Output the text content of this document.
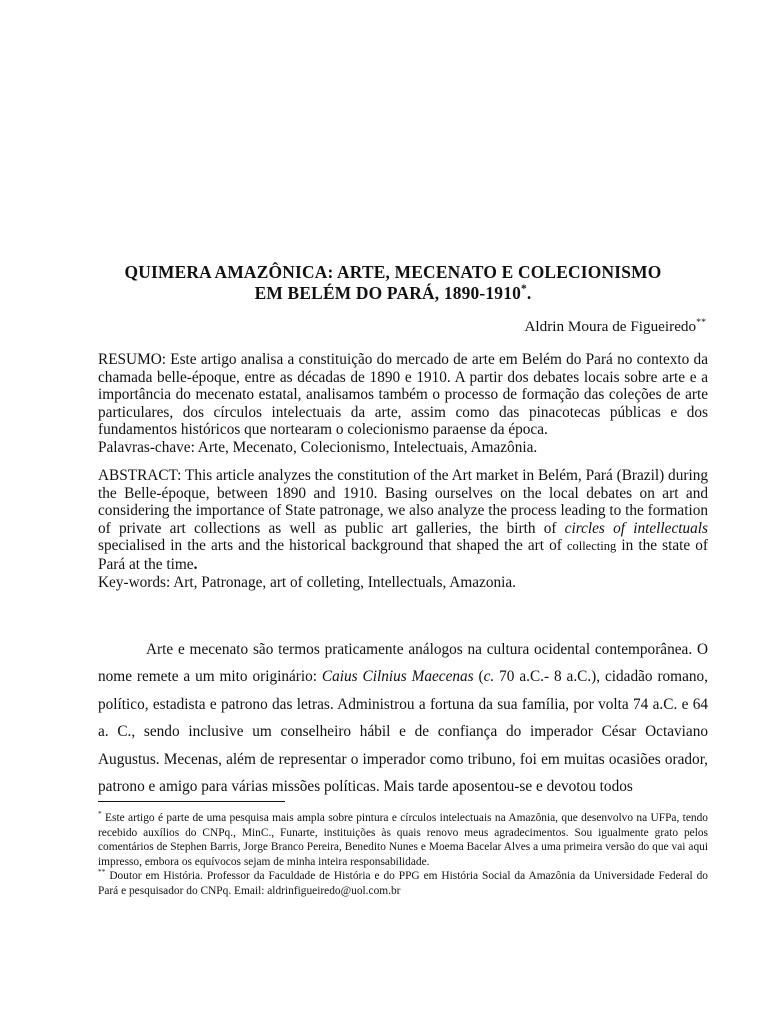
QUIMERA AMAZÔNICA: ARTE, MECENATO E COLECIONISMO
EM BELÉM DO PARÁ, 1890-1910*.
Aldrin Moura de Figueiredo**

RESUMO: Este artigo analisa a constituição do mercado de arte em Belém do Pará no contexto da chamada belle-époque, entre as décadas de 1890 e 1910. A partir dos debates locais sobre arte e a importância do mecenato estatal, analisamos também o processo de formação das coleções de arte particulares, dos círculos intelectuais da arte, assim como das pinacotecas públicas e dos fundamentos históricos que nortearam o colecionismo paraense da época.

Palavras-chave: Arte, Mecenato, Colecionismo, Intelectuais, Amazônia.

ABSTRACT: This article analyzes the constitution of the Art market in Belém, Pará (Brazil) during the Belle-époque, between 1890 and 1910. Basing ourselves on the local debates on art and considering the importance of State patronage, we also analyze the process leading to the formation of private art collections as well as public art galleries, the birth of circles of intellectuals specialised in the arts and the historical background that shaped the art of collecting in the state of Pará at the time.

Key-words: Art, Patronage, art of colleting, Intellectuals, Amazonia.

Arte e mecenato são termos praticamente análogos na cultura ocidental contemporânea. O nome remete a um mito originário: Caius Cilnius Maecenas (c. 70 a.C.- 8 a.C.), cidadão romano, político, estadista e patrono das letras. Administrou a fortuna da sua família, por volta 74 a.C. e 64 a. C., sendo inclusive um conselheiro hábil e de confiança do imperador César Octaviano Augustus. Mecenas, além de representar o imperador como tribuno, foi em muitas ocasiões orador, patrono e amigo para várias missões políticas. Mais tarde aposentou-se e devotou todos

* Este artigo é parte de uma pesquisa mais ampla sobre pintura e círculos intelectuais na Amazônia, que desenvolvo na UFPa, tendo recebido auxílios do CNPq., MinC., Funarte, instituições às quais renovo meus agradecimentos. Sou igualmente grato pelos comentários de Stephen Barris, Jorge Branco Pereira, Benedito Nunes e Moema Bacelar Alves a uma primeira versão do que vai aqui impresso, embora os equívocos sejam de minha inteira responsabilidade.

** Doutor em História. Professor da Faculdade de História e do PPG em História Social da Amazônia da Universidade Federal do Pará e pesquisador do CNPq. Email: aldrinfigueiredo@uol.com.br
